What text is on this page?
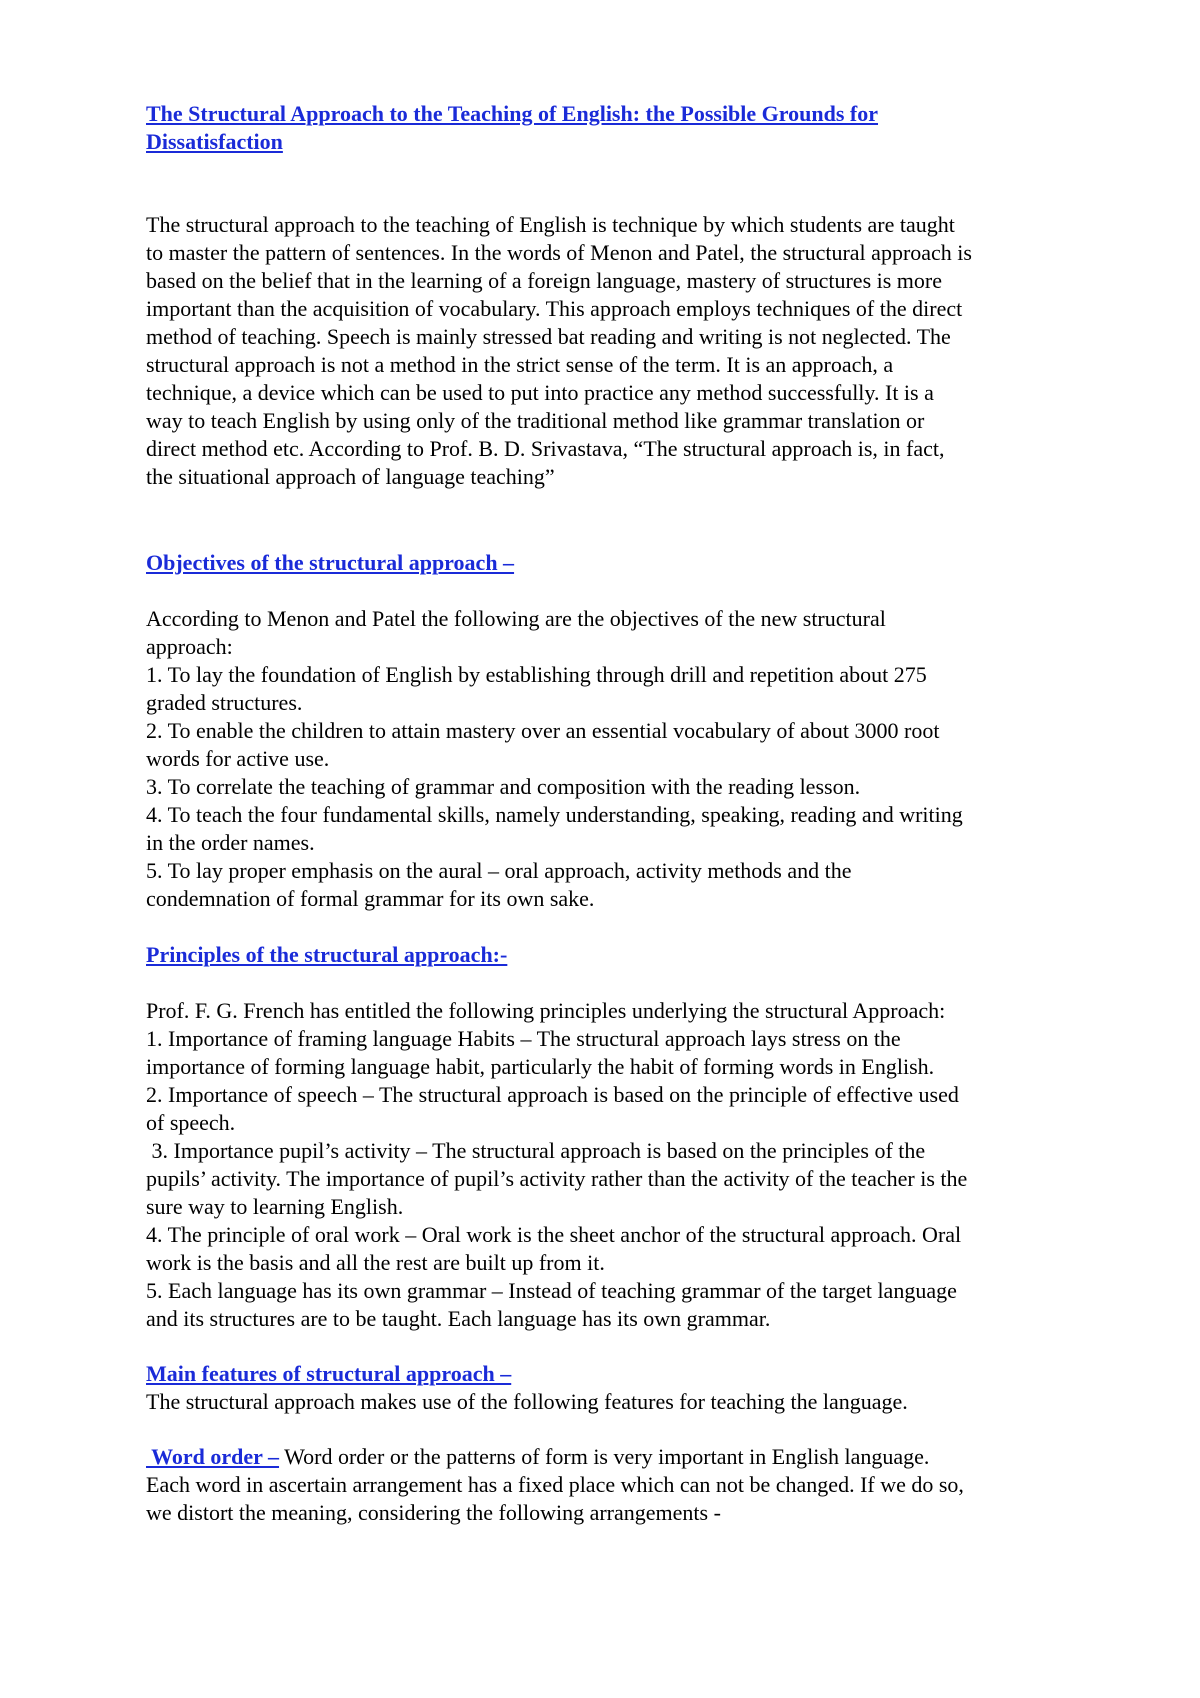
The Structural Approach to the Teaching of English: the Possible Grounds for
Dissatisfaction
The structural approach to the teaching of English is technique by which students are taught
to master the pattern of sentences. In the words of Menon and Patel, the structural approach is
based on the belief that in the learning of a foreign language, mastery of structures is more
important than the acquisition of vocabulary. This approach employs techniques of the direct
method of teaching. Speech is mainly stressed bat reading and writing is not neglected. The
structural approach is not a method in the strict sense of the term. It is an approach, a
technique, a device which can be used to put into practice any method successfully. It is a
way to teach English by using only of the traditional method like grammar translation or
direct method etc. According to Prof. B. D. Srivastava, “The structural approach is, in fact,
the situational approach of language teaching”
Objectives of the structural approach –
According to Menon and Patel the following are the objectives of the new structural
approach:
1. To lay the foundation of English by establishing through drill and repetition about 275
graded structures.
2. To enable the children to attain mastery over an essential vocabulary of about 3000 root
words for active use.
3. To correlate the teaching of grammar and composition with the reading lesson.
4. To teach the four fundamental skills, namely understanding, speaking, reading and writing
in the order names.
5. To lay proper emphasis on the aural – oral approach, activity methods and the
condemnation of formal grammar for its own sake.
Principles of the structural approach:-
Prof. F. G. French has entitled the following principles underlying the structural Approach:
1. Importance of framing language Habits – The structural approach lays stress on the
importance of forming language habit, particularly the habit of forming words in English.
2. Importance of speech – The structural approach is based on the principle of effective used
of speech.
3. Importance pupil’s activity – The structural approach is based on the principles of the
pupils’ activity. The importance of pupil’s activity rather than the activity of the teacher is the
sure way to learning English.
4. The principle of oral work – Oral work is the sheet anchor of the structural approach. Oral
work is the basis and all the rest are built up from it.
5. Each language has its own grammar – Instead of teaching grammar of the target language
and its structures are to be taught. Each language has its own grammar.
Main features of structural approach –
The structural approach makes use of the following features for teaching the language.
Word order – Word order or the patterns of form is very important in English language.
Each word in ascertain arrangement has a fixed place which can not be changed. If we do so,
we distort the meaning, considering the following arrangements -
